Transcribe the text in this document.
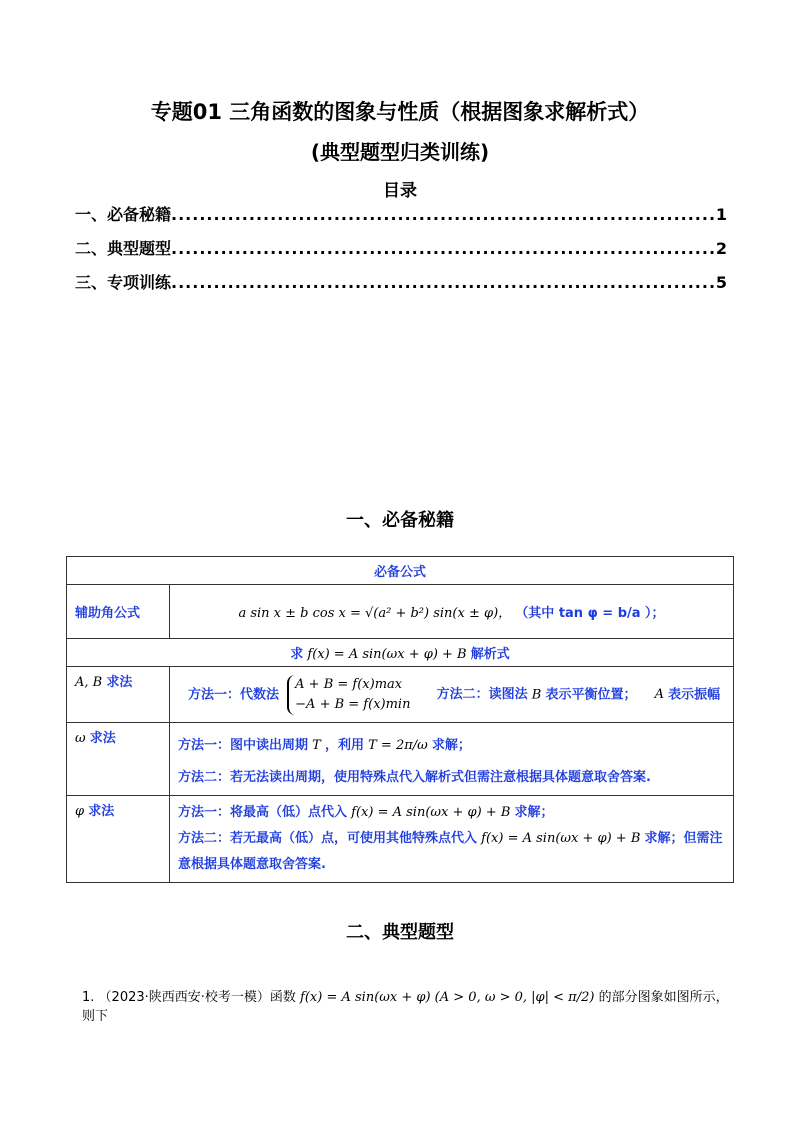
专题01 三角函数的图象与性质（根据图象求解析式）
(典型题型归类训练)
目录
一、必备秘籍 .....	1
二、典型题型 .....	2
三、专项训练 .....	5
一、必备秘籍
必备公式	
辅助角公式	a sin x ± b cos x = √(a² + b²) sin(x ± φ)， （其中 tan φ = b/a ）；
求 f(x) = A sin(ωx + φ) + B 解析式	
A, B 求法	方法一：代数法 A + B = f(x)max
−A + B = f(x)min 方法二：读图法 B 表示平衡位置； A 表示振幅
ω 求法	方法一：图中读出周期 T ，利用 T = 2π/ω 求解；
方法二：若无法读出周期，使用特殊点代入解析式但需注意根据具体题意取舍答案.

φ 求法	方法一：将最高（低）点代入 f(x) = A sin(ωx + φ) + B 求解；
方法二：若无最高（低）点，可使用其他特殊点代入 f(x) = A sin(ωx + φ) + B 求解；但需注意根据具体题意取舍答案.
二、典型题型
1. （2023·陕西西安·校考一模）函数 f(x) = A sin(ωx + φ) (A > 0, ω > 0, |φ| < π/2) 的部分图象如图所示，则下
